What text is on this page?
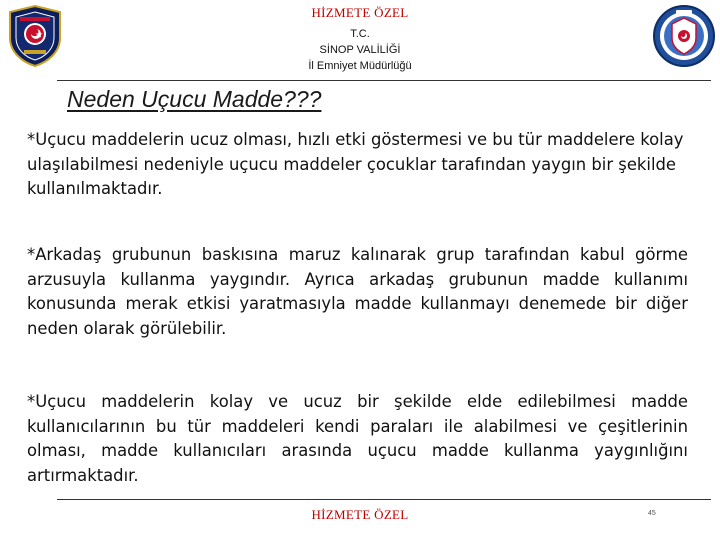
HİZMETE ÖZEL
T.C.
SİNOP VALİLİĞİ
İl Emniyet Müdürlüğü
Neden Uçucu Madde???
*Uçucu maddelerin ucuz olması, hızlı etki göstermesi ve bu tür maddelere kolay ulaşılabilmesi nedeniyle uçucu maddeler çocuklar tarafından yaygın bir şekilde kullanılmaktadır.
*Arkadaş grubunun baskısına maruz kalınarak grup tarafından kabul görme arzusuyla kullanma yaygındır. Ayrıca arkadaş grubunun madde kullanımı konusunda merak etkisi yaratmasıyla madde kullanmayı denemede bir diğer neden olarak görülebilir.
*Uçucu maddelerin kolay ve ucuz bir şekilde elde edilebilmesi madde kullanıcılarının bu tür maddeleri kendi paraları ile alabilmesi ve çeşitlerinin olması, madde kullanıcıları arasında uçucu madde kullanma yaygınlığını artırmaktadır.
HİZMETE ÖZEL	45
